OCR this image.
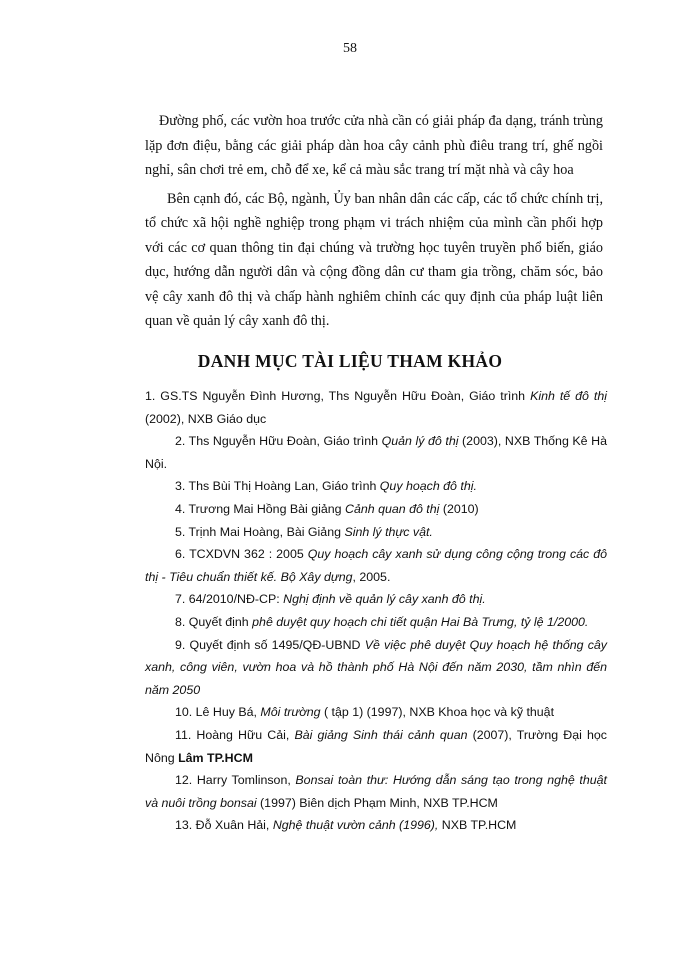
58

Đường phố, các vườn hoa trước cửa nhà cần có giải pháp đa dạng, tránh trùng lặp đơn điệu, bằng các giải pháp dàn hoa cây cảnh phù điêu trang trí, ghế ngồi nghỉ, sân chơi trẻ em, chỗ để xe, kể cả màu sắc trang trí mặt nhà và cây hoa

Bên cạnh đó, các Bộ, ngành, Ủy ban nhân dân các cấp, các tổ chức chính trị, tổ chức xã hội nghề nghiệp trong phạm vi trách nhiệm của mình cần phối hợp với các cơ quan thông tin đại chúng và trường học tuyên truyền phổ biến, giáo dục, hướng dẫn người dân và cộng đồng dân cư tham gia trồng, chăm sóc, bảo vệ cây xanh đô thị và chấp hành nghiêm chỉnh các quy định của pháp luật liên quan về quản lý cây xanh đô thị.

DANH MỤC TÀI LIỆU THAM KHẢO
1. GS.TS Nguyễn Đình Hương, Ths Nguyễn Hữu Đoàn, Giáo trình Kinh tế đô thị (2002), NXB Giáo dục
2. Ths Nguyễn Hữu Đoàn, Giáo trình Quản lý đô thị (2003), NXB Thống Kê Hà Nội.
3. Ths Bùi Thị Hoàng Lan, Giáo trình Quy hoạch đô thị.
4. Trương Mai Hồng Bài giảng Cảnh quan đô thị (2010)
5. Trịnh Mai Hoàng, Bài Giảng Sinh lý thực vật.
6. TCXDVN 362 : 2005 Quy hoạch cây xanh sử dụng công cộng trong các đô thị - Tiêu chuẩn thiết kế. Bộ Xây dựng, 2005.
7. 64/2010/NĐ-CP: Nghị định về quản lý cây xanh đô thị.
8. Quyết định phê duyệt quy hoạch chi tiết quận Hai Bà Trưng, tỷ lệ 1/2000.
9. Quyết định số 1495/QĐ-UBND Về việc phê duyệt Quy hoạch hệ thống cây xanh, công viên, vườn hoa và hồ thành phố Hà Nội đến năm 2030, tầm nhìn đến năm 2050
10. Lê Huy Bá, Môi trường ( tập 1) (1997), NXB Khoa học và kỹ thuật
11. Hoàng Hữu Cải, Bài giảng Sinh thái cảnh quan (2007), Trường Đại học Nông Lâm TP.HCM
12. Harry Tomlinson, Bonsai toàn thư: Hướng dẫn sáng tạo trong nghệ thuật và nuôi trồng bonsai (1997) Biên dịch Phạm Minh, NXB TP.HCM
13. Đỗ Xuân Hải, Nghệ thuật vườn cảnh (1996), NXB TP.HCM
